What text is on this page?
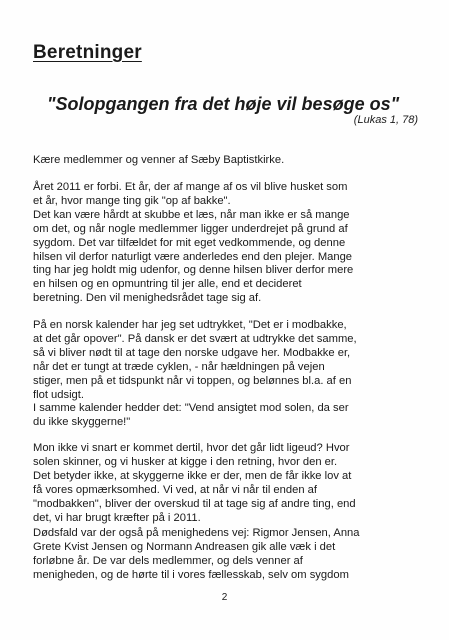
Beretninger
"Solopgangen fra det høje vil besøge os"
(Lukas 1, 78)
Kære medlemmer og venner af Sæby Baptistkirke.
Året 2011 er forbi. Et år, der af mange af os vil blive husket som
et år, hvor mange ting gik "op af bakke".
Det kan være hårdt at skubbe et læs, når man ikke er så mange
om det, og når nogle medlemmer ligger underdrejet på grund af
sygdom. Det var tilfældet for mit eget vedkommende, og denne
hilsen vil derfor naturligt være anderledes end den plejer. Mange
ting har jeg holdt mig udenfor, og denne hilsen bliver derfor mere
en hilsen og en opmuntring til jer alle, end et decideret
beretning. Den vil menighedsrådet tage sig af.
På en norsk kalender har jeg set udtrykket, "Det er i modbakke,
at det går opover". På dansk er det svært at udtrykke det samme,
så vi bliver nødt til at tage den norske udgave her. Modbakke er,
når det er tungt at træde cyklen, - når hældningen på vejen
stiger, men på et tidspunkt når vi toppen, og belønnes bl.a. af en
flot udsigt.
I samme kalender hedder det: "Vend ansigtet mod solen, da ser
du ikke skyggerne!"
Mon ikke vi snart er kommet dertil, hvor det går lidt ligeud? Hvor
solen skinner, og vi husker at kigge i den retning, hvor den er.
Det betyder ikke, at skyggerne ikke er der, men de får ikke lov at
få vores opmærksomhed. Vi ved, at når vi når til enden af
"modbakken", bliver der overskud til at tage sig af andre ting, end
det, vi har brugt kræfter på i 2011.
Dødsfald var der også på menighedens vej: Rigmor Jensen, Anna
Grete Kvist Jensen og Normann Andreasen gik alle væk i det
forløbne år. De var dels medlemmer, og dels venner af
menigheden, og de hørte til i vores fællesskab, selv om sygdom
2
